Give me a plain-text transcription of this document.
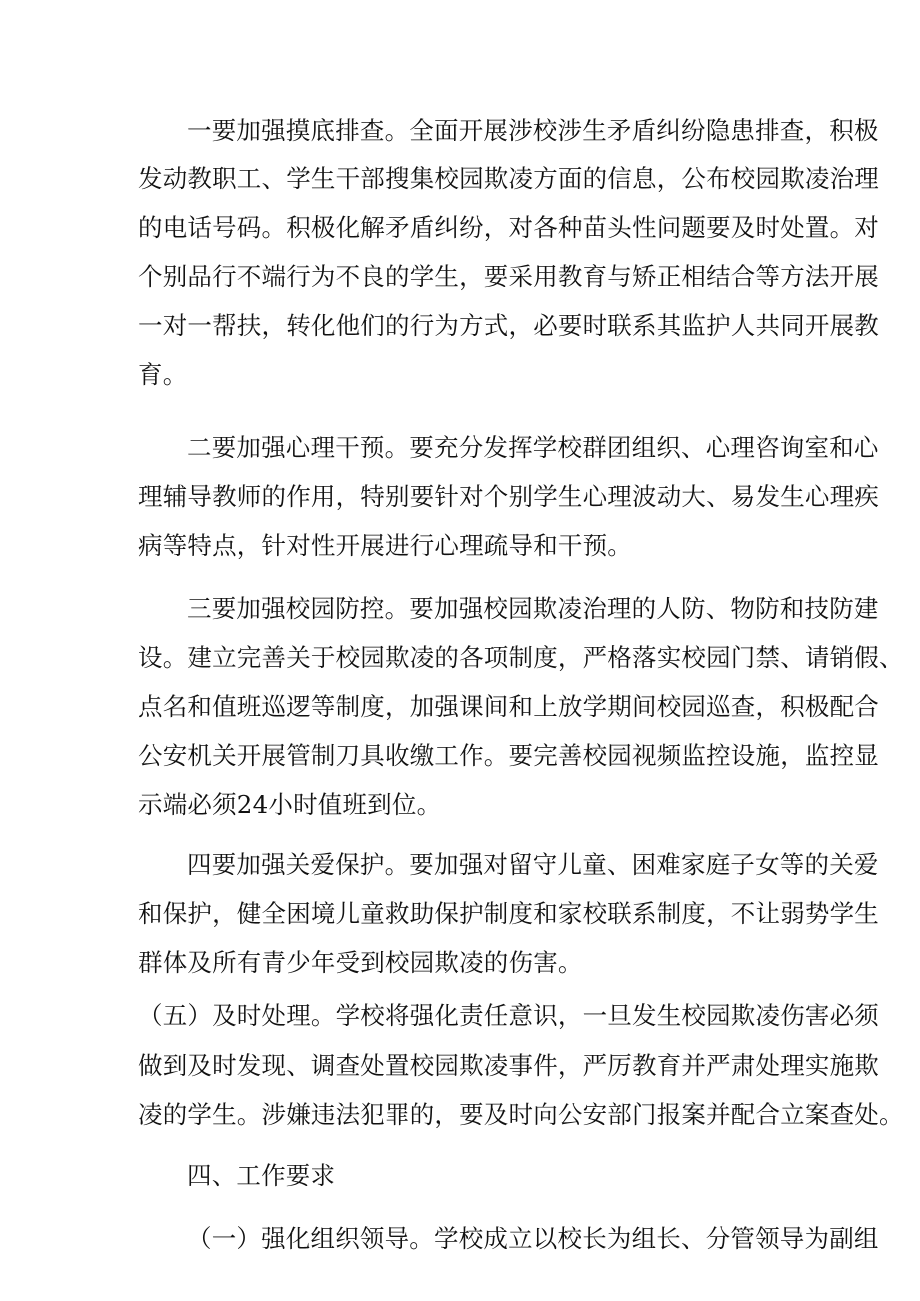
一要加强摸底排查。全面开展涉校涉生矛盾纠纷隐患排查，积极
发动教职工、学生干部搜集校园欺凌方面的信息，公布校园欺凌治理
的电话号码。积极化解矛盾纠纷，对各种苗头性问题要及时处置。对
个别品行不端行为不良的学生，要采用教育与矫正相结合等方法开展
一对一帮扶，转化他们的行为方式，必要时联系其监护人共同开展教
育。
二要加强心理干预。要充分发挥学校群团组织、心理咨询室和心
理辅导教师的作用，特别要针对个别学生心理波动大、易发生心理疾
病等特点，针对性开展进行心理疏导和干预。
三要加强校园防控。要加强校园欺凌治理的人防、物防和技防建
设。建立完善关于校园欺凌的各项制度，严格落实校园门禁、请销假、
点名和值班巡逻等制度，加强课间和上放学期间校园巡查，积极配合
公安机关开展管制刀具收缴工作。要完善校园视频监控设施，监控显
示端必须24小时值班到位。
四要加强关爱保护。要加强对留守儿童、困难家庭子女等的关爱
和保护，健全困境儿童救助保护制度和家校联系制度，不让弱势学生
群体及所有青少年受到校园欺凌的伤害。
（五）及时处理。学校将强化责任意识，一旦发生校园欺凌伤害必须
做到及时发现、调查处置校园欺凌事件，严厉教育并严肃处理实施欺
凌的学生。涉嫌违法犯罪的，要及时向公安部门报案并配合立案查处。
四、工作要求
（一）强化组织领导。学校成立以校长为组长、分管领导为副组
